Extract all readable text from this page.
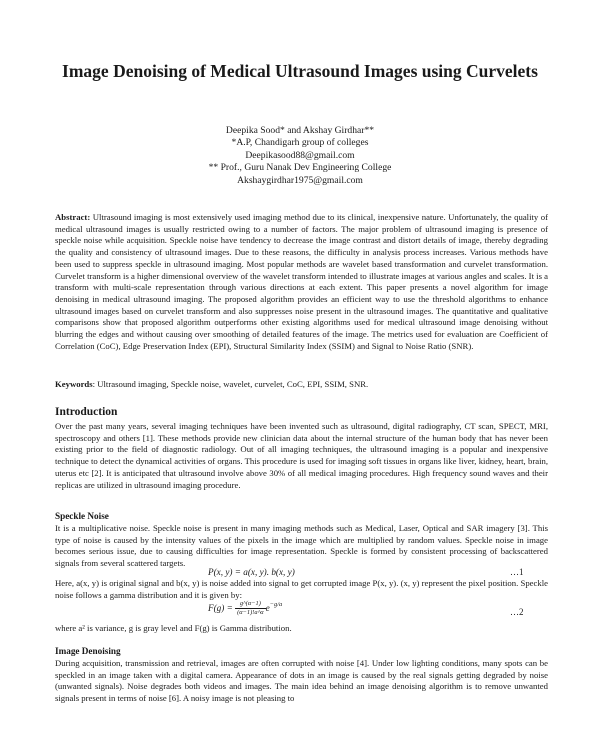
Image Denoising of Medical Ultrasound Images using Curvelets
Deepika Sood* and Akshay Girdhar**
*A.P, Chandigarh group of colleges
Deepikasood88@gmail.com
** Prof., Guru Nanak Dev Engineering College
Akshaygirdhar1975@gmail.com

Abstract: Ultrasound imaging is most extensively used imaging method due to its clinical, inexpensive nature. Unfortunately, the quality of medical ultrasound images is usually restricted owing to a number of factors. The major problem of ultrasound imaging is presence of speckle noise while acquisition. Speckle noise have tendency to decrease the image contrast and distort details of image, thereby degrading the quality and consistency of ultrasound images. Due to these reasons, the difficulty in analysis process increases. Various methods have been used to suppress speckle in ultrasound imaging. Most popular methods are wavelet based transformation and curvelet transformation. Curvelet transform is a higher dimensional overview of the wavelet transform intended to illustrate images at various angles and scales. It is a transform with multi-scale representation through various directions at each extent. This paper presents a novel algorithm for image denoising in medical ultrasound imaging. The proposed algorithm provides an efficient way to use the threshold algorithms to enhance ultrasound images based on curvelet transform and also suppresses noise present in the ultrasound images. The quantitative and qualitative comparisons show that proposed algorithm outperforms other existing algorithms used for medical ultrasound image denoising without blurring the edges and without causing over smoothing of detailed features of the image. The metrics used for evaluation are Coefficient of Correlation (CoC), Edge Preservation Index (EPI), Structural Similarity Index (SSIM) and Signal to Noise Ratio (SNR).

Keywords: Ultrasound imaging, Speckle noise, wavelet, curvelet, CoC, EPI, SSIM, SNR.

Introduction

Over the past many years, several imaging techniques have been invented such as ultrasound, digital radiography, CT scan, SPECT, MRI, spectroscopy and others [1]. These methods provide new clinician data about the internal structure of the human body that has never been existing prior to the field of diagnostic radiology. Out of all imaging techniques, the ultrasound imaging is a popular and inexpensive technique to detect the dynamical activities of organs. This procedure is used for imaging soft tissues in organs like liver, kidney, heart, brain, uterus etc [2]. It is anticipated that ultrasound involve above 30% of all medical imaging procedures. High frequency sound waves and their replicas are utilized in ultrasound imaging procedure.

Speckle Noise

It is a multiplicative noise. Speckle noise is present in many imaging methods such as Medical, Laser, Optical and SAR imagery [3]. This type of noise is caused by the intensity values of the pixels in the image which are multiplied by random values. Speckle noise in image becomes serious issue, due to causing difficulties for image representation. Speckle is formed by consistent processing of backscattered signals from several scattered targets.

P(x, y) = a(x, y). b(x, y)	…1

Here, a(x, y) is original signal and b(x, y) is noise added into signal to get corrupted image P(x, y). (x, y) represent the pixel position. Speckle noise follows a gamma distribution and it is given by:

$F(g) = \frac{g\^{}(\alpha-1)}{(\alpha-1)!a\^{}\alpha} e^{-g/a}$
…2

where a² is variance, g is gray level and F(g) is Gamma distribution.

Image Denoising

During acquisition, transmission and retrieval, images are often corrupted with noise [4]. Under low lighting conditions, many spots can be speckled in an image taken with a digital camera. Appearance of dots in an image is caused by the real signals getting degraded by noise (unwanted signals). Noise degrades both videos and images. The main idea behind an image denoising algorithm is to remove unwanted signals present in terms of noise [6]. A noisy image is not pleasing to
